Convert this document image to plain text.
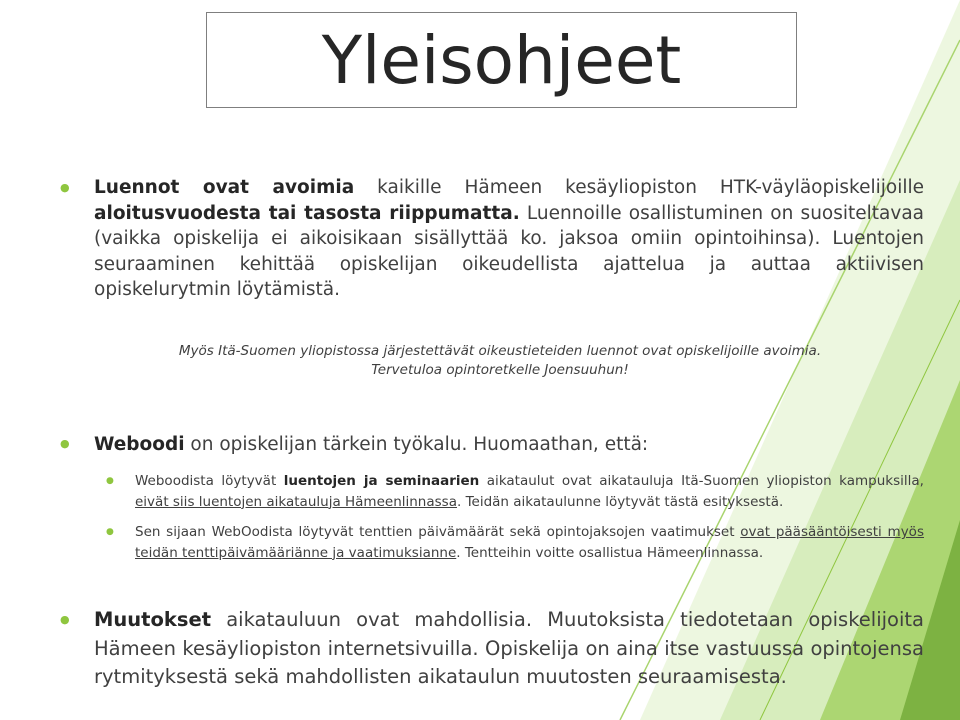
Yleisohjeet
● Luennot ovat avoimia kaikille Hämeen kesäyliopiston HTK-väyläopiskelijoille aloitusvuodesta tai tasosta riippumatta. Luennoille osallistuminen on suositeltavaa (vaikka opiskelija ei aikoisikaan sisällyttää ko. jaksoa omiin opintoihinsa). Luentojen seuraaminen kehittää opiskelijan oikeudellista ajattelua ja auttaa aktiivisen opiskelurytmin löytämistä.

Myös Itä-Suomen yliopistossa järjestettävät oikeustieteiden luennot ovat opiskelijoille avoimia.
Tervetuloa opintoretkelle Joensuuhun!
● Weboodi on opiskelijan tärkein työkalu. Huomaathan, että:

● Weboodista löytyvät luentojen ja seminaarien aikataulut ovat aikatauluja Itä-Suomen yliopiston kampuksilla, eivät siis luentojen aikatauluja Hämeenlinnassa. Teidän aikataulunne löytyvät tästä esityksestä.

● Sen sijaan WebOodista löytyvät tenttien päivämäärät sekä opintojaksojen vaatimukset ovat pääsääntöisesti myös teidän tenttipäivämääriänne ja vaatimuksianne. Tentteihin voitte osallistua Hämeenlinnassa.

● Muutokset aikatauluun ovat mahdollisia. Muutoksista tiedotetaan opiskelijoita Hämeen kesäyliopiston internetsivuilla. Opiskelija on aina itse vastuussa opintojensa rytmityksestä sekä mahdollisten aikataulun muutosten seuraamisesta.
